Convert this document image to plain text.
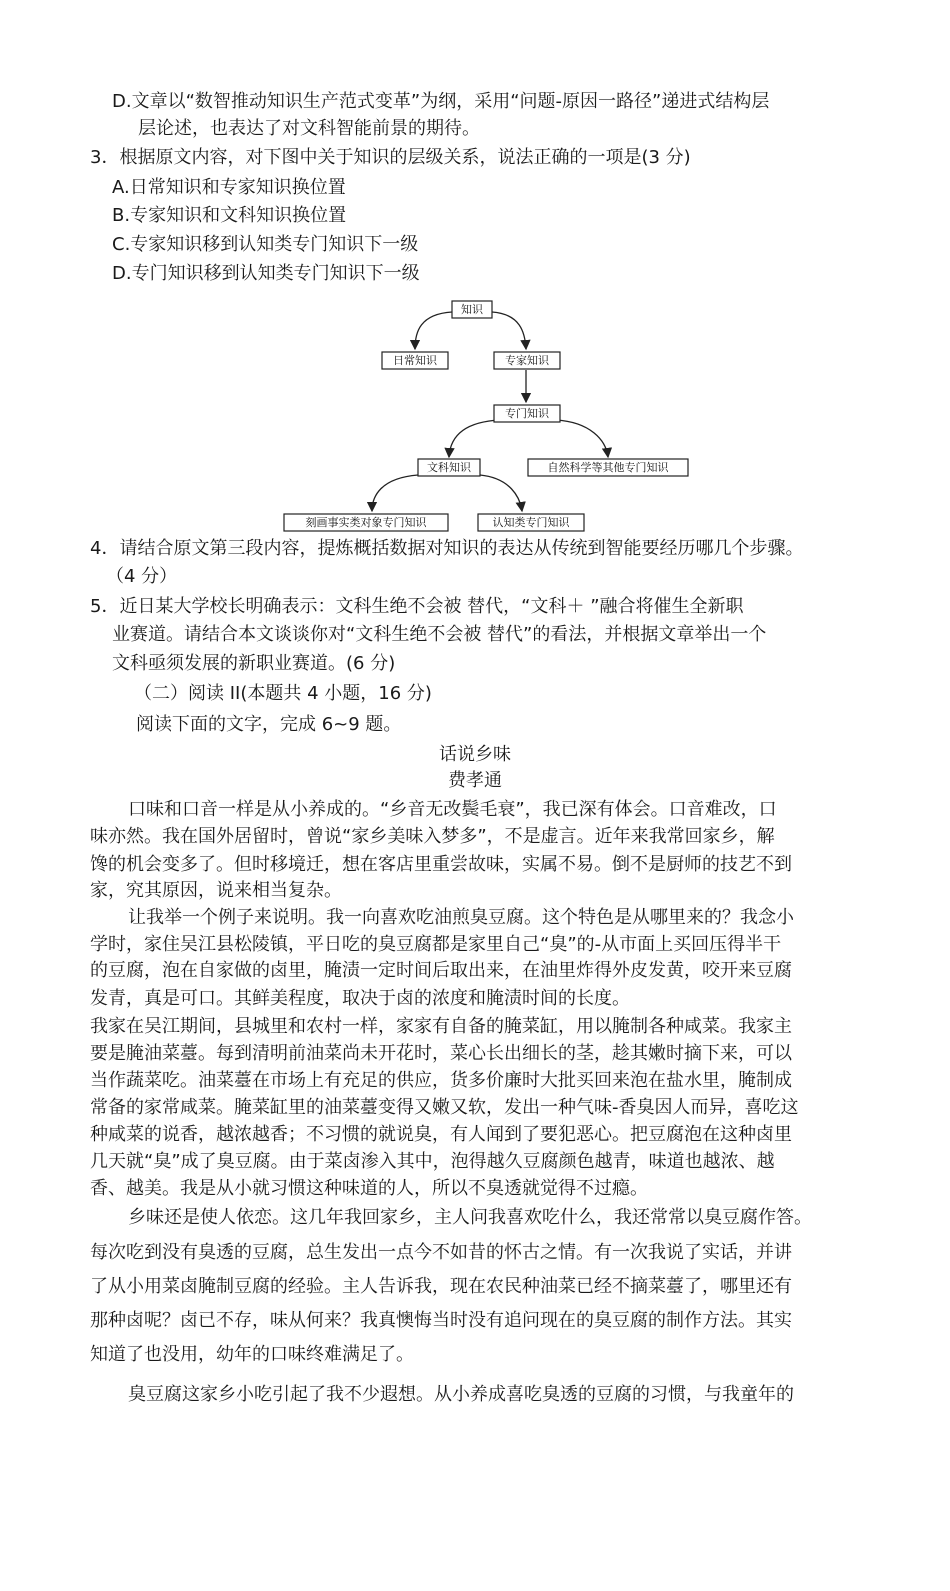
D.文章以“数智推动知识生产范式变革”为纲，采用“问题-原因一路径”递进式结构层
层论述，也表达了对文科智能前景的期待。
3．根据原文内容，对下图中关于知识的层级关系，说法正确的一项是(3 分)
A.日常知识和专家知识换位置
B.专家知识和文科知识换位置
C.专家知识移到认知类专门知识下一级
D.专门知识移到认知类专门知识下一级
知识
日常知识	专家知识
专门知识
文科知识	自然科学等其他专门知识
刻画事实类对象专门知识	认知类专门知识
4．请结合原文第三段内容，提炼概括数据对知识的表达从传统到智能要经历哪几个步骤。
（4 分）
5．近日某大学校长明确表示：文科生绝不会被 替代，“文科＋ ”融合将催生全新职
业赛道。请结合本文谈谈你对“文科生绝不会被 替代”的看法，并根据文章举出一个
文科亟须发展的新职业赛道。(6 分)
（二）阅读 II(本题共 4 小题，16 分)
阅读下面的文字，完成 6~9 题。
话说乡味
费孝通
口味和口音一样是从小养成的。“乡音无改鬓毛衰”，我已深有体会。口音难改，口
味亦然。我在国外居留时，曾说“家乡美味入梦多”，不是虚言。近年来我常回家乡，解
馋的机会变多了。但时移境迁，想在客店里重尝故味，实属不易。倒不是厨师的技艺不到
家，究其原因，说来相当复杂。
让我举一个例子来说明。我一向喜欢吃油煎臭豆腐。这个特色是从哪里来的？我念小
学时，家住吴江县松陵镇，平日吃的臭豆腐都是家里自己“臭”的-从市面上买回压得半干
的豆腐，泡在自家做的卤里，腌渍一定时间后取出来，在油里炸得外皮发黄，咬开来豆腐
发青，真是可口。其鲜美程度，取决于卤的浓度和腌渍时间的长度。
我家在吴江期间，县城里和农村一样，家家有自备的腌菜缸，用以腌制各种咸菜。我家主
要是腌油菜薹。每到清明前油菜尚未开花时，菜心长出细长的茎，趁其嫩时摘下来，可以
当作蔬菜吃。油菜薹在市场上有充足的供应，货多价廉时大批买回来泡在盐水里，腌制成
常备的家常咸菜。腌菜缸里的油菜薹变得又嫩又软，发出一种气味-香臭因人而异，喜吃这
种咸菜的说香，越浓越香；不习惯的就说臭，有人闻到了要犯恶心。把豆腐泡在这种卤里
几天就“臭”成了臭豆腐。由于菜卤渗入其中，泡得越久豆腐颜色越青，味道也越浓、越
香、越美。我是从小就习惯这种味道的人，所以不臭透就觉得不过瘾。
乡味还是使人依恋。这几年我回家乡，主人问我喜欢吃什么，我还常常以臭豆腐作答。
每次吃到没有臭透的豆腐，总生发出一点今不如昔的怀古之情。有一次我说了实话，并讲
了从小用菜卤腌制豆腐的经验。主人告诉我，现在农民种油菜已经不摘菜薹了，哪里还有
那种卤呢？卤已不存，味从何来？我真懊悔当时没有追问现在的臭豆腐的制作方法。其实
知道了也没用，幼年的口味终难满足了。
臭豆腐这家乡小吃引起了我不少遐想。从小养成喜吃臭透的豆腐的习惯，与我童年的
